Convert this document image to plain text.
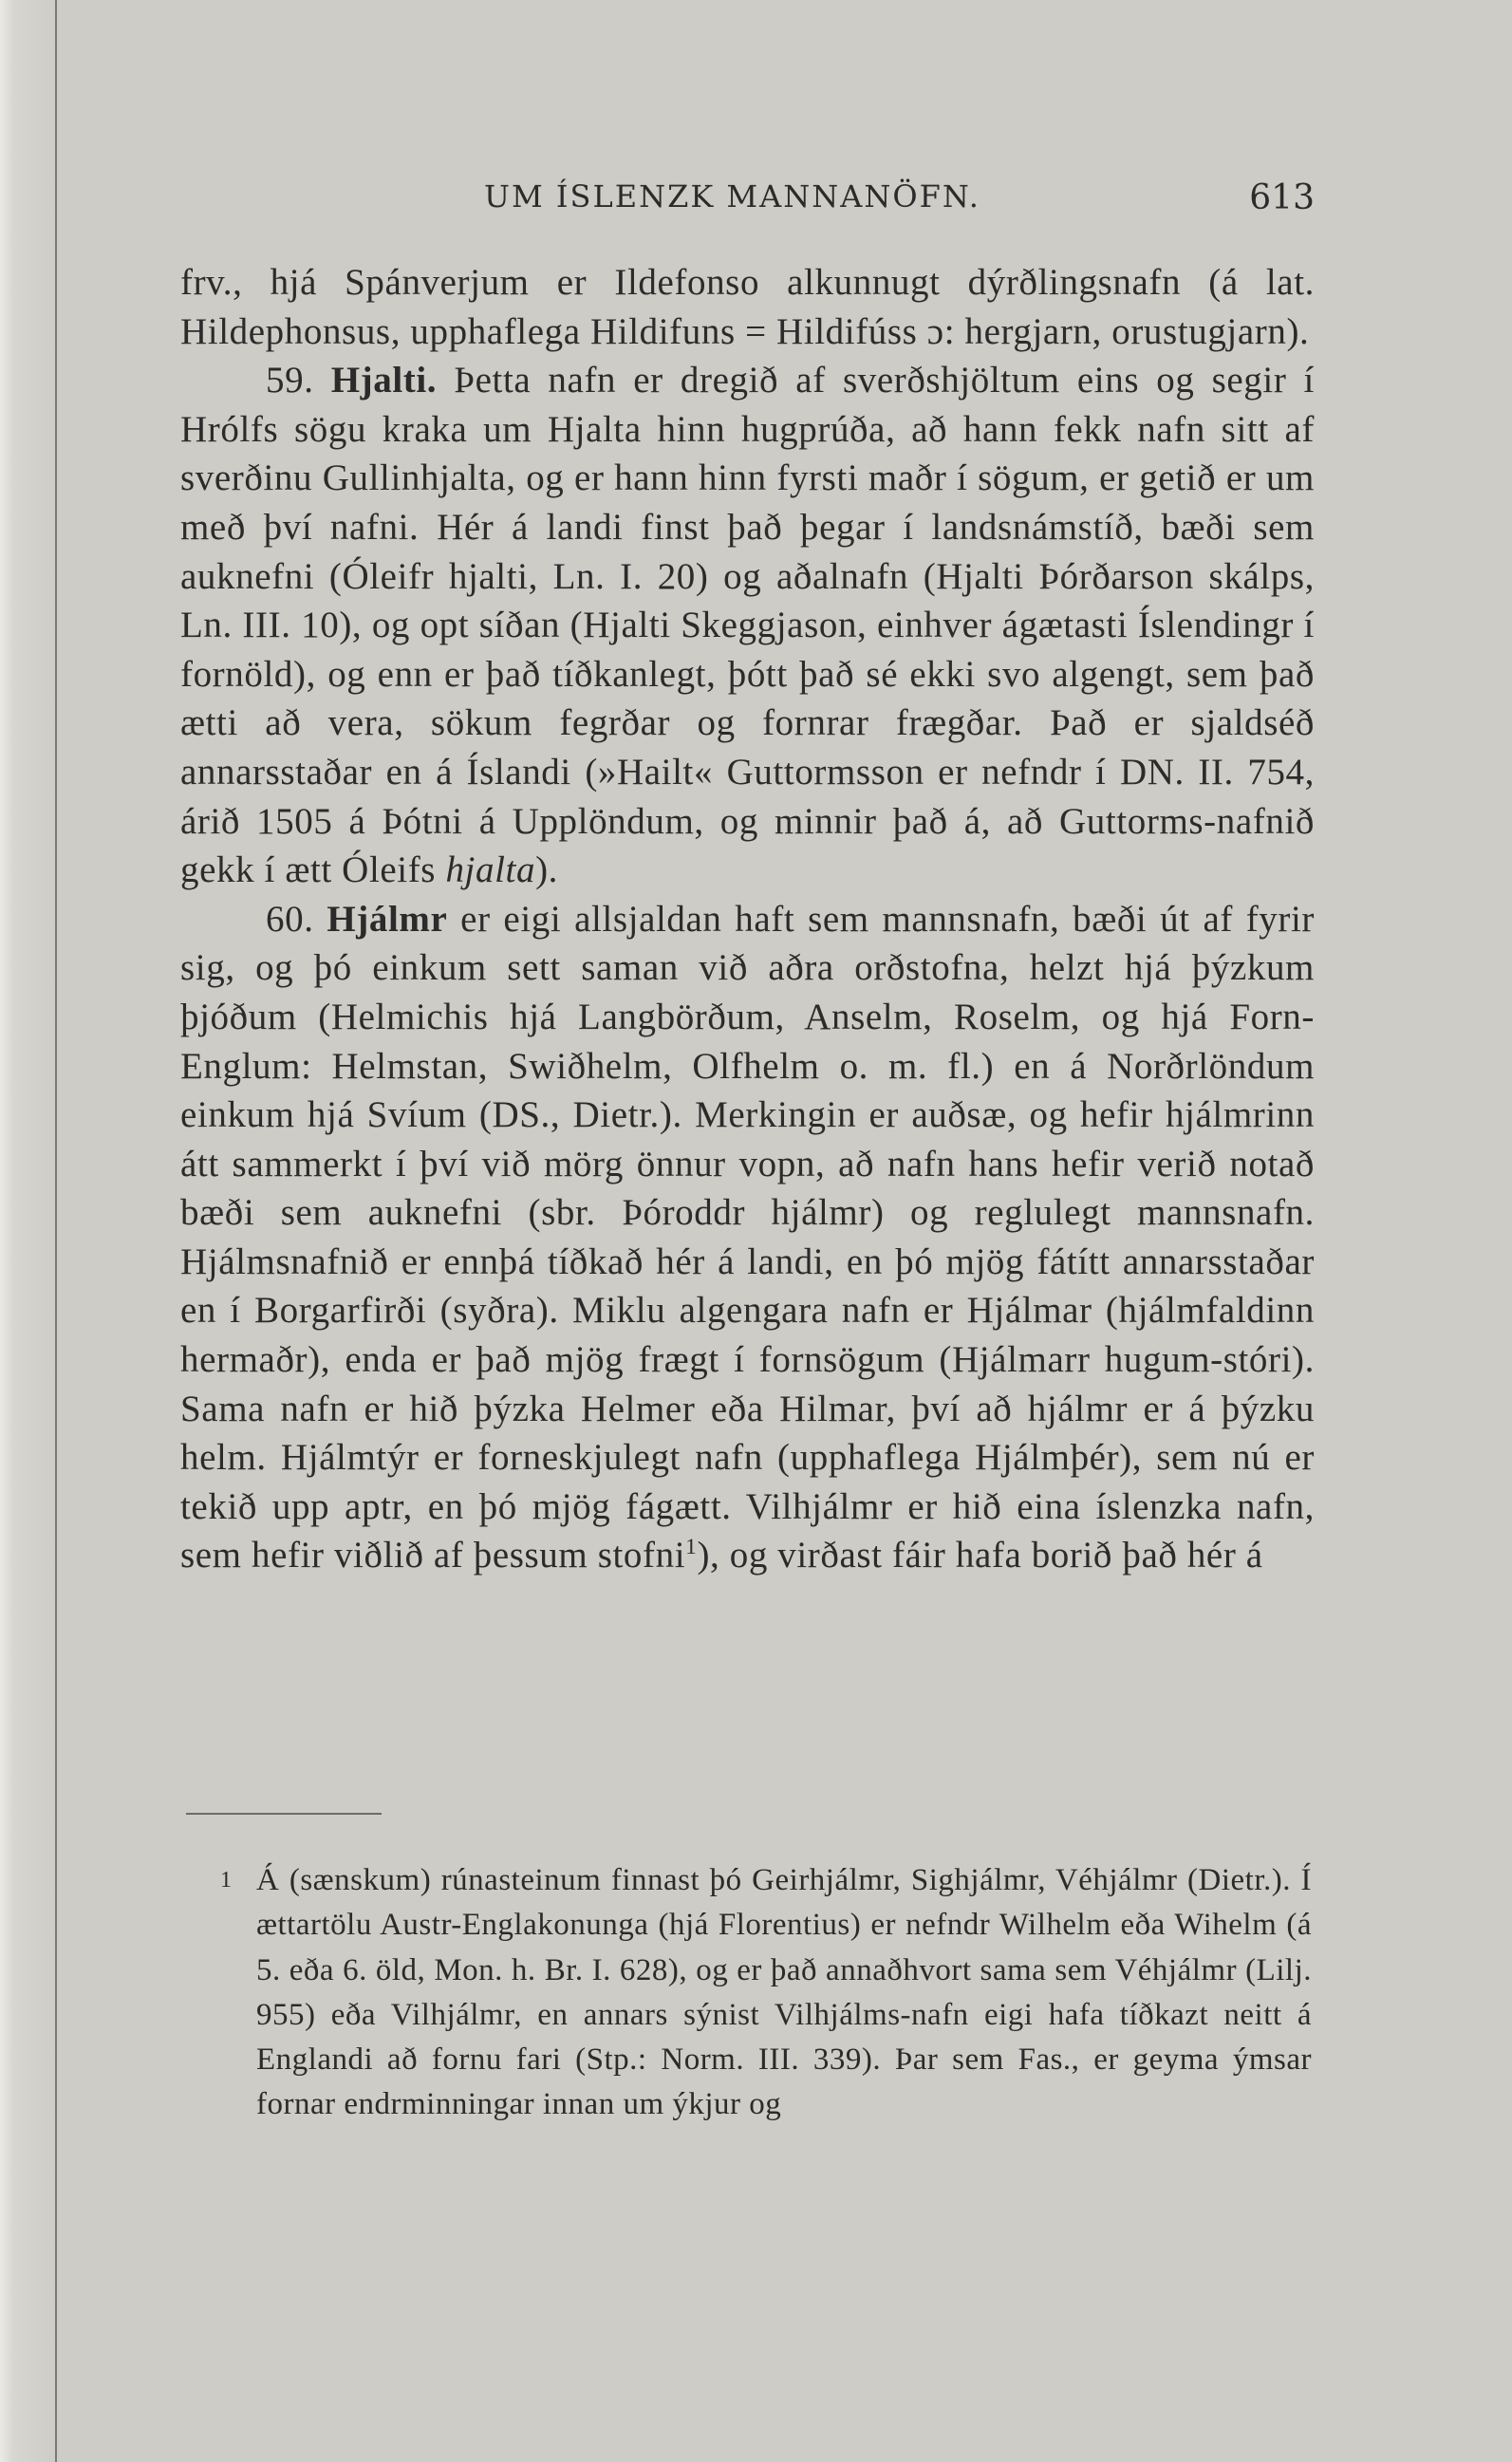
UM ÍSLENZK MANNANÖFN.	613

frv., hjá Spánverjum er Ildefonso alkunnugt dýrðlingsnafn (á lat. Hildephonsus, upphaflega Hildifuns = Hildifúss ɔ: hergjarn, orustugjarn).

59. Hjalti. Þetta nafn er dregið af sverðshjöltum eins og segir í Hrólfs sögu kraka um Hjalta hinn hugprúða, að hann fekk nafn sitt af sverðinu Gullinhjalta, og er hann hinn fyrsti maðr í sögum, er getið er um með því nafni. Hér á landi finst það þegar í landsnámstíð, bæði sem auknefni (Óleifr hjalti, Ln. I. 20) og aðalnafn (Hjalti Þórðarson skálps, Ln. III. 10), og opt síðan (Hjalti Skeggjason, einhver ágætasti Íslendingr í fornöld), og enn er það tíðkanlegt, þótt það sé ekki svo algengt, sem það ætti að vera, sökum fegrðar og fornrar frægðar. Það er sjaldséð annarsstaðar en á Íslandi (»Hailt« Guttormsson er nefndr í DN. II. 754, árið 1505 á Þótni á Upplöndum, og minnir það á, að Guttorms-nafnið gekk í ætt Óleifs hjalta).

60. Hjálmr er eigi allsjaldan haft sem mannsnafn, bæði út af fyrir sig, og þó einkum sett saman við aðra orðstofna, helzt hjá þýzkum þjóðum (Helmichis hjá Langbörðum, Anselm, Roselm, og hjá Forn-Englum: Helmstan, Swiðhelm, Olfhelm o. m. fl.) en á Norðrlöndum einkum hjá Svíum (DS., Dietr.). Merkingin er auðsæ, og hefir hjálmrinn átt sammerkt í því við mörg önnur vopn, að nafn hans hefir verið notað bæði sem auknefni (sbr. Þóroddr hjálmr) og reglulegt mannsnafn. Hjálmsnafnið er ennþá tíðkað hér á landi, en þó mjög fátítt annarsstaðar en í Borgarfirði (syðra). Miklu algengara nafn er Hjálmar (hjálmfaldinn hermaðr), enda er það mjög frægt í fornsögum (Hjálmarr hugum-stóri). Sama nafn er hið þýzka Helmer eða Hilmar, því að hjálmr er á þýzku helm. Hjálmtýr er forneskjulegt nafn (upphaflega Hjálmþér), sem nú er tekið upp aptr, en þó mjög fágætt. Vilhjálmr er hið eina íslenzka nafn, sem hefir viðlið af þessum stofni$^1$), og virðast fáir hafa borið það hér á

1 Á (sænskum) rúnasteinum finnast þó Geirhjálmr, Sighjálmr, Véhjálmr (Dietr.). Í ættartölu Austr-Englakonunga (hjá Florentius) er nefndr Wilhelm eða Wihelm (á 5. eða 6. öld, Mon. h. Br. I. 628), og er það annaðhvort sama sem Véhjálmr (Lilj. 955) eða Vilhjálmr, en annars sýnist Vilhjálms-nafn eigi hafa tíðkazt neitt á Englandi að fornu fari (Stp.: Norm. III. 339). Þar sem Fas., er geyma ýmsar fornar endrminningar innan um ýkjur og
